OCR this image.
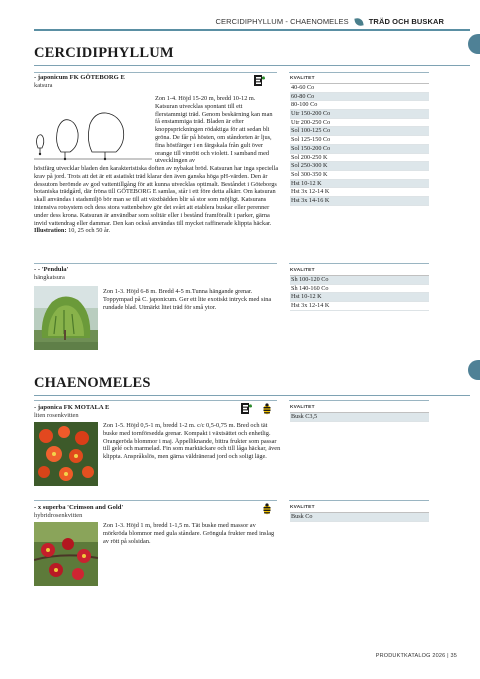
CERCIDIPHYLLUM - CHAENOMELES	TRÄD OCH BUSKAR
CERCIDIPHYLLUM
- japonicum FK GÖTEBORG E
katsura
Zon 1-4. Höjd 15-20 m, bredd 10-12 m. Katsuran utvecklas spontant till ett flerstammigt träd. Genom beskärning kan man få enstammiga träd. Bladen är efter knoppsprickningen rödaktiga för att sedan bli gröna. De får på hösten, om ståndorten är ljus, fina höstfärger i en färgskala från gult över orange till vinrött och violett. I samband med utvecklingen av
höstfärg utvecklar bladen den karakteristiska doften av nybakat bröd. Katsuran har inga speciella krav på jord. Trots att det är ett asiatiskt träd klarar den även ganska höga pH-värden. Den är dessutom berömde av god vattentillgång för att kunna utvecklas optimalt. Beståndet i Göteborgs botaniska trädgård, där fröna till GÖTEBORG E samlas, står i ett före detta alkärr. Om katsuran skall användas i stadsmiljö bör man se till att växtbädden blir så stor som möjligt. Katsurans intensiva rotsystem och dess stora vattenbehov gör det svårt att etablera buskar eller perenner under dess krona. Katsuran är användbar som solitär eller i bestånd framförallt i parker, gärna invid vattendrag eller dammar. Den kan också användas till mycket raffinerade klippta häckar. Illustration: 10, 25 och 50 år.
KVALITET
40-60 Co
60-80 Co
80-100 Co
Utr 150-200 Co
Utr 200-250 Co
Sol 100-125 Co
Sol 125-150 Co
Sol 150-200 Co
Sol 200-250 K
Sol 250-300 K
Sol 300-350 K
Hst 10-12 K
Hst 3x 12-14 K
Hst 3x 14-16 K
- - 'Pendula'
hängkatsura
Zon 1-3. Höjd 6-8 m. Bredd 4-5 m.Tunna hängande grenar. Toppympad på C. japonicum. Ger ett lite exotiskt intryck med sina rundade blad. Utmärkt litet träd för små ytor.
KVALITET
Sh 100-120 Co
Sh 140-160 Co
Hst 10-12 K
Hst 3x 12-14 K
CHAENOMELES
- japonica FK MOTALA E
liten rosenkvitten
Zon 1-5. Höjd 0,5-1 m, bredd 1-2 m. c/c 0,5-0,75 m. Bred och tät buske med tornförsedda grenar. Kompakt i växtsättet och enhetlig. Orangeröda blommor i maj. Äppelliknande, bittra frukter som passar till gelé och marmelad. Fin som marktäckare och till låga häckar, även klippta. Anspråkslös, men gärna väldränerad jord och soligt läge.
KVALITET
Busk C3,5
- x superba 'Crimson and Gold'
hybridrosenkvitten
Zon 1-3. Höjd 1 m, bredd 1-1,5 m. Tät buske med massor av mörkröda blommor med gula ståndare. Gröngula frukter med inslag av rött på solsidan.
KVALITET
Busk Co
PRODUKTKATALOG 2026 | 35
